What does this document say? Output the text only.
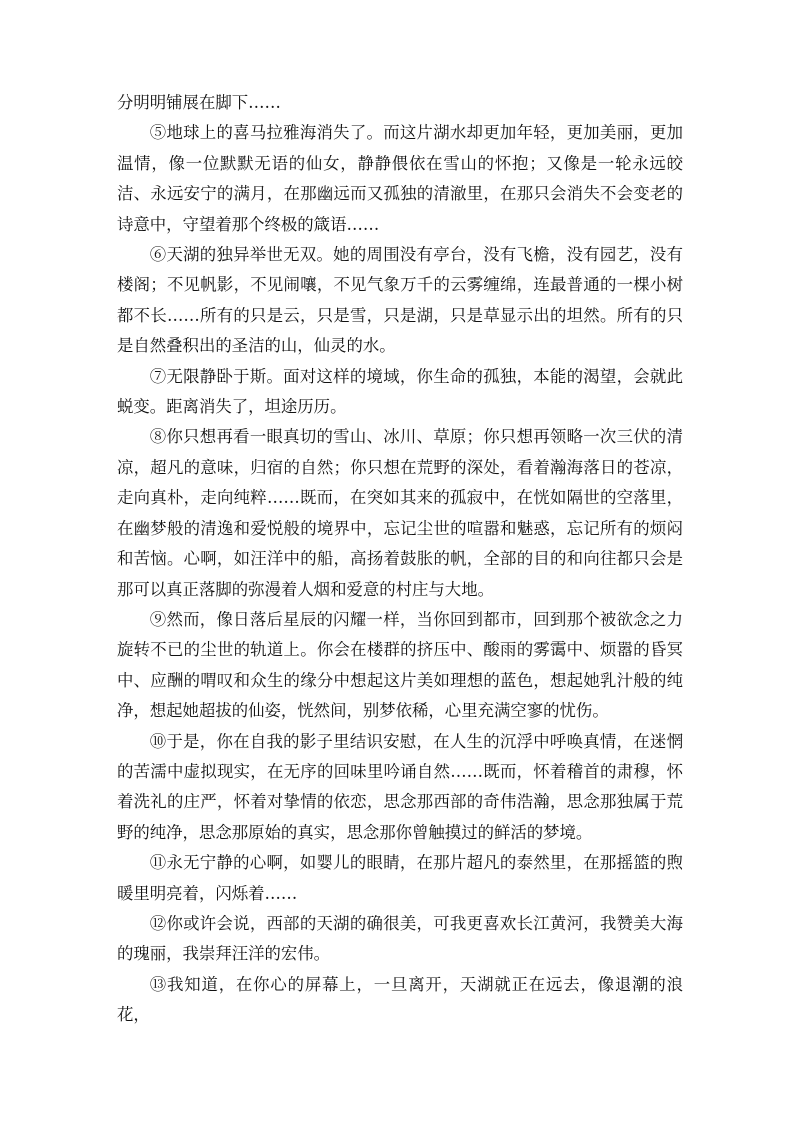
分明明铺展在脚下……

⑤地球上的喜马拉雅海消失了。而这片湖水却更加年轻，更加美丽，更加温情，像一位默默无语的仙女，静静偎依在雪山的怀抱；又像是一轮永远皎洁、永远安宁的满月，在那幽远而又孤独的清澈里，在那只会消失不会变老的诗意中，守望着那个终极的箴语……

⑥天湖的独异举世无双。她的周围没有亭台，没有飞檐，没有园艺，没有楼阁；不见帆影，不见闹嚷，不见气象万千的云雾缠绵，连最普通的一棵小树都不长……所有的只是云，只是雪，只是湖，只是草显示出的坦然。所有的只是自然叠积出的圣洁的山，仙灵的水。

⑦无限静卧于斯。面对这样的境域，你生命的孤独，本能的渴望，会就此蜕变。距离消失了，坦途历历。

⑧你只想再看一眼真切的雪山、冰川、草原；你只想再领略一次三伏的清凉，超凡的意味，归宿的自然；你只想在荒野的深处，看着瀚海落日的苍凉，走向真朴，走向纯粹……既而，在突如其来的孤寂中，在恍如隔世的空落里，在幽梦般的清逸和爱悦般的境界中，忘记尘世的喧嚣和魅惑，忘记所有的烦闷和苦恼。心啊，如汪洋中的船，高扬着鼓胀的帆，全部的目的和向往都只会是那可以真正落脚的弥漫着人烟和爱意的村庄与大地。

⑨然而，像日落后星辰的闪耀一样，当你回到都市，回到那个被欲念之力旋转不已的尘世的轨道上。你会在楼群的挤压中、酸雨的雾霭中、烦嚣的昏冥中、应酬的喟叹和众生的缘分中想起这片美如理想的蓝色，想起她乳汁般的纯净，想起她超拔的仙姿，恍然间，别梦依稀，心里充满空寥的忧伤。

⑩于是，你在自我的影子里结识安慰，在人生的沉浮中呼唤真情，在迷惘的苦濡中虚拟现实，在无序的回味里吟诵自然……既而，怀着稽首的肃穆，怀着洗礼的庄严，怀着对挚情的依恋，思念那西部的奇伟浩瀚，思念那独属于荒野的纯净，思念那原始的真实，思念那你曾触摸过的鲜活的梦境。

⑪永无宁静的心啊，如婴儿的眼睛，在那片超凡的泰然里，在那摇篮的煦暖里明亮着，闪烁着……

⑫你或许会说，西部的天湖的确很美，可我更喜欢长江黄河，我赞美大海的瑰丽，我崇拜汪洋的宏伟。

⑬我知道，在你心的屏幕上，一旦离开，天湖就正在远去，像退潮的浪花，
